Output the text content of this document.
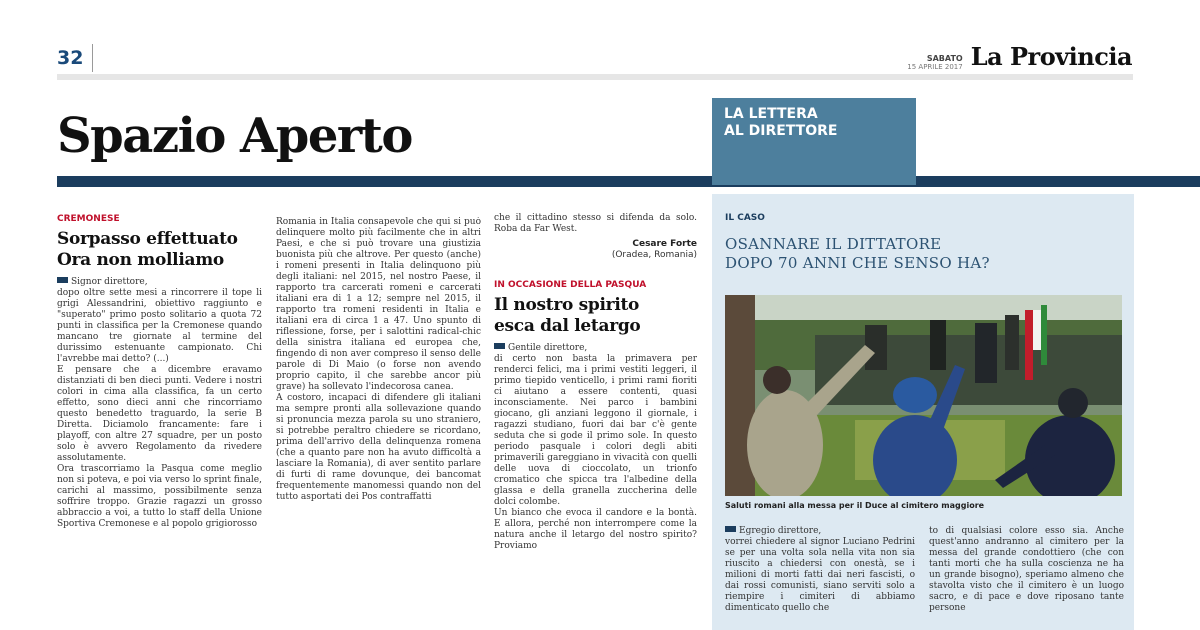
32	SABATO
15 APRILE 2017 La Provincia
Spazio Aperto	LA LETTERA
AL DIRETTORE
CREMONESE
Sorpasso effettuato
Ora non molliamo

Signor direttore,

dopo oltre sette mesi a rincorrere il tope li grigi Alessandrini, obiettivo raggiunto e "superato" primo posto solitario a quota 72 punti in classifica per la Cremonese quando mancano tre giornate al termine del durissimo estenuante campionato. Chi l'avrebbe mai detto? (...)

E pensare che a dicembre eravamo distanziati di ben dieci punti. Vedere i nostri colori in cima alla classifica, fa un certo effetto, sono dieci anni che rincorriamo questo benedetto traguardo, la serie B Diretta. Diciamolo francamente: fare i playoff, con altre 27 squadre, per un posto solo è avvero Regolamento da rivedere assolutamente.

Ora trascorriamo la Pasqua come meglio non si poteva, e poi via verso lo sprint finale, carichi al massimo, possibilmente senza soffrire troppo. Grazie ragazzi un grosso abbraccio a voi, a tutto lo staff della Unione Sportiva Cremonese e al popolo grigiorosso

Romania in Italia consapevole che qui si può delinquere molto più facilmente che in altri Paesi, e che si può trovare una giustizia buonista più che altrove. Per questo (anche) i romeni presenti in Italia delinquono più degli italiani: nel 2015, nel nostro Paese, il rapporto tra carcerati romeni e carcerati italiani era di 1 a 12; sempre nel 2015, il rapporto tra romeni residenti in Italia e italiani era di circa 1 a 47. Uno spunto di riflessione, forse, per i salottini radical-chic della sinistra italiana ed europea che, fingendo di non aver compreso il senso delle parole di Di Maio (o forse non avendo proprio capito, il che sarebbe ancor più grave) ha sollevato l'indecorosa canea.

A costoro, incapaci di difendere gli italiani ma sempre pronti alla sollevazione quando si pronuncia mezza parola su uno straniero, si potrebbe peraltro chiedere se ricordano, prima dell'arrivo della delinquenza romena (che a quanto pare non ha avuto difficoltà a lasciare la Romania), di aver sentito parlare di furti di rame dovunque, dei bancomat frequentemente manomessi quando non del tutto asportati dei Pos contraffatti

che il cittadino stesso si difenda da solo. Roba da Far West.

Cesare Forte
(Oradea, Romania)
IN OCCASIONE DELLA PASQUA
Il nostro spirito
esca dal letargo

Gentile direttore,

di certo non basta la primavera per renderci felici, ma i primi vestiti leggeri, il primo tiepido venticello, i primi rami fioriti ci aiutano a essere contenti, quasi inconsciamente. Nei parco i bambini giocano, gli anziani leggono il giornale, i ragazzi studiano, fuori dai bar c'è gente seduta che si gode il primo sole. In questo periodo pasquale i colori degli abiti primaverili gareggiano in vivacità con quelli delle uova di cioccolato, un trionfo cromatico che spicca tra l'albedine della glassa e della granella zuccherina delle dolci colombe.

Un bianco che evoca il candore e la bontà. E allora, perché non interrompere come la natura anche il letargo del nostro spirito? Proviamo

IL CASO
OSANNARE IL DITTATORE
DOPO 70 ANNI CHE SENSO HA?
Saluti romani alla messa per il Duce al cimitero maggiore

Egregio direttore,

vorrei chiedere al signor Luciano Pedrini se per una volta sola nella vita non sia riuscito a chiedersi con onestà, se i milioni di morti fatti dai neri fascisti, o dai rossi comunisti, siano serviti solo a riempire i cimiteri di abbiamo dimenticato quello che

to di qualsiasi colore esso sia. Anche quest'anno andranno al cimitero per la messa del grande condottiero (che con tanti morti che ha sulla coscienza ne ha un grande bisogno), speriamo almeno che stavolta visto che il cimitero è un luogo sacro, e di pace e dove riposano tante persone
